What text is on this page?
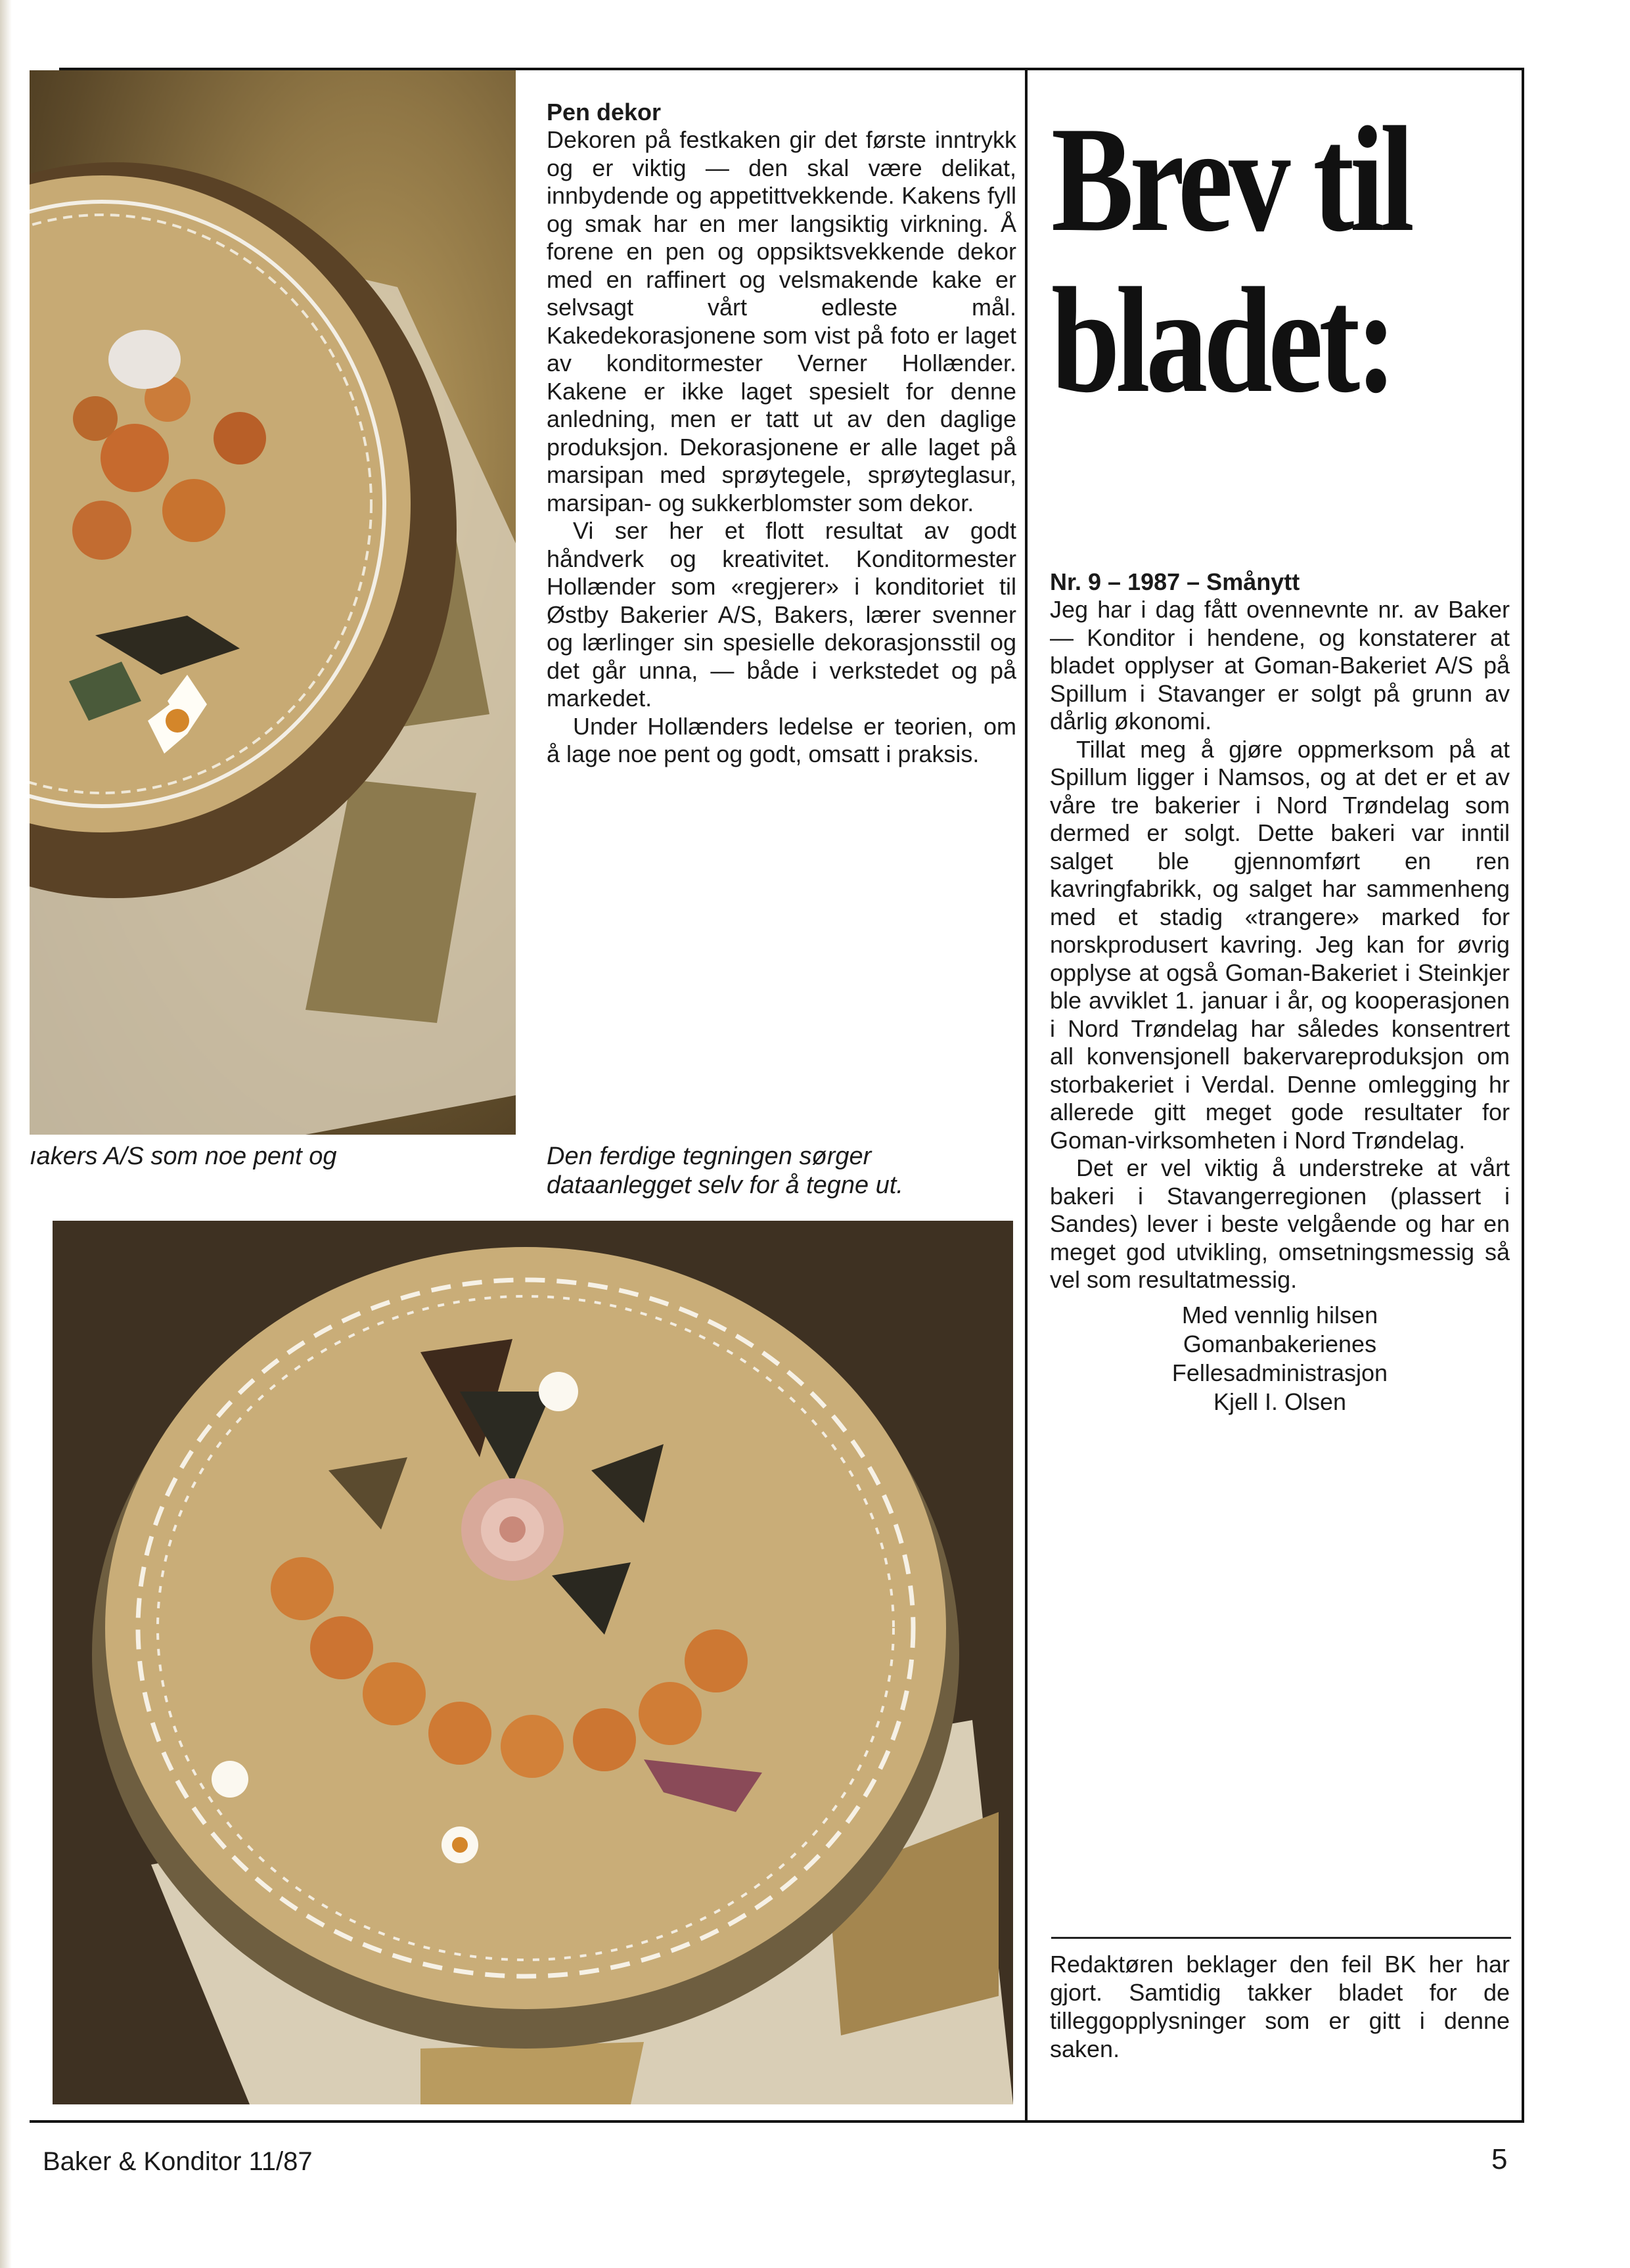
Pen dekor

Dekoren på festkaken gir det første inntrykk og er viktig — den skal være delikat, innbydende og appetittvekkende. Kakens fyll og smak har en mer langsiktig virkning. Å forene en pen og oppsiktsvekkende dekor med en raffinert og velsmakende kake er selvsagt vårt edleste mål. Kakedekorasjonene som vist på foto er laget av konditormester Verner Hollænder. Kakene er ikke laget spesielt for denne anledning, men er tatt ut av den daglige produksjon. Dekorasjonene er alle laget på marsipan med sprøytegele, sprøyteglasur, marsipan- og sukkerblomster som dekor.

Vi ser her et flott resultat av godt håndverk og kreativitet. Konditormester Hollænder som «regjerer» i konditoriet til Østby Bakerier A/S, Bakers, lærer svenner og lærlinger sin spesielle dekorasjonsstil og det går unna, — både i verkstedet og på markedet.

Under Hollænders ledelse er teorien, om å lage noe pent og godt, omsatt i praksis.

ıakers A/S som noe pent og	Den ferdige tegningen sørger dataanlegget selv for å tegne ut.
Brev til
bladet:

Nr. 9 – 1987 – Smånytt

Jeg har i dag fått ovennevnte nr. av Baker — Konditor i hendene, og konstaterer at bladet opplyser at Goman-Bakeriet A/S på Spillum i Stavanger er solgt på grunn av dårlig økonomi.

Tillat meg å gjøre oppmerksom på at Spillum ligger i Namsos, og at det er et av våre tre bakerier i Nord Trøndelag som dermed er solgt. Dette bakeri var inntil salget ble gjennomført en ren kavringfabrikk, og salget har sammenheng med et stadig «trangere» marked for norskprodusert kavring. Jeg kan for øvrig opplyse at også Goman-Bakeriet i Steinkjer ble avviklet 1. januar i år, og kooperasjonen i Nord Trøndelag har således konsentrert all konvensjonell bakervareproduksjon om storbakeriet i Verdal. Denne omlegging hr allerede gitt meget gode resultater for Goman-virksomheten i Nord Trøndelag.

Det er vel viktig å understreke at vårt bakeri i Stavangerregionen (plassert i Sandes) lever i beste velgående og har en meget god utvikling, omsetningsmessig så vel som resultatmessig.

Med vennlig hilsen
Gomanbakerienes
Fellesadministrasjon
Kjell I. Olsen
Redaktøren beklager den feil BK her har gjort. Samtidig takker bladet for de tilleggopplysninger som er gitt i denne saken.
Baker & Konditor 11/87	5
